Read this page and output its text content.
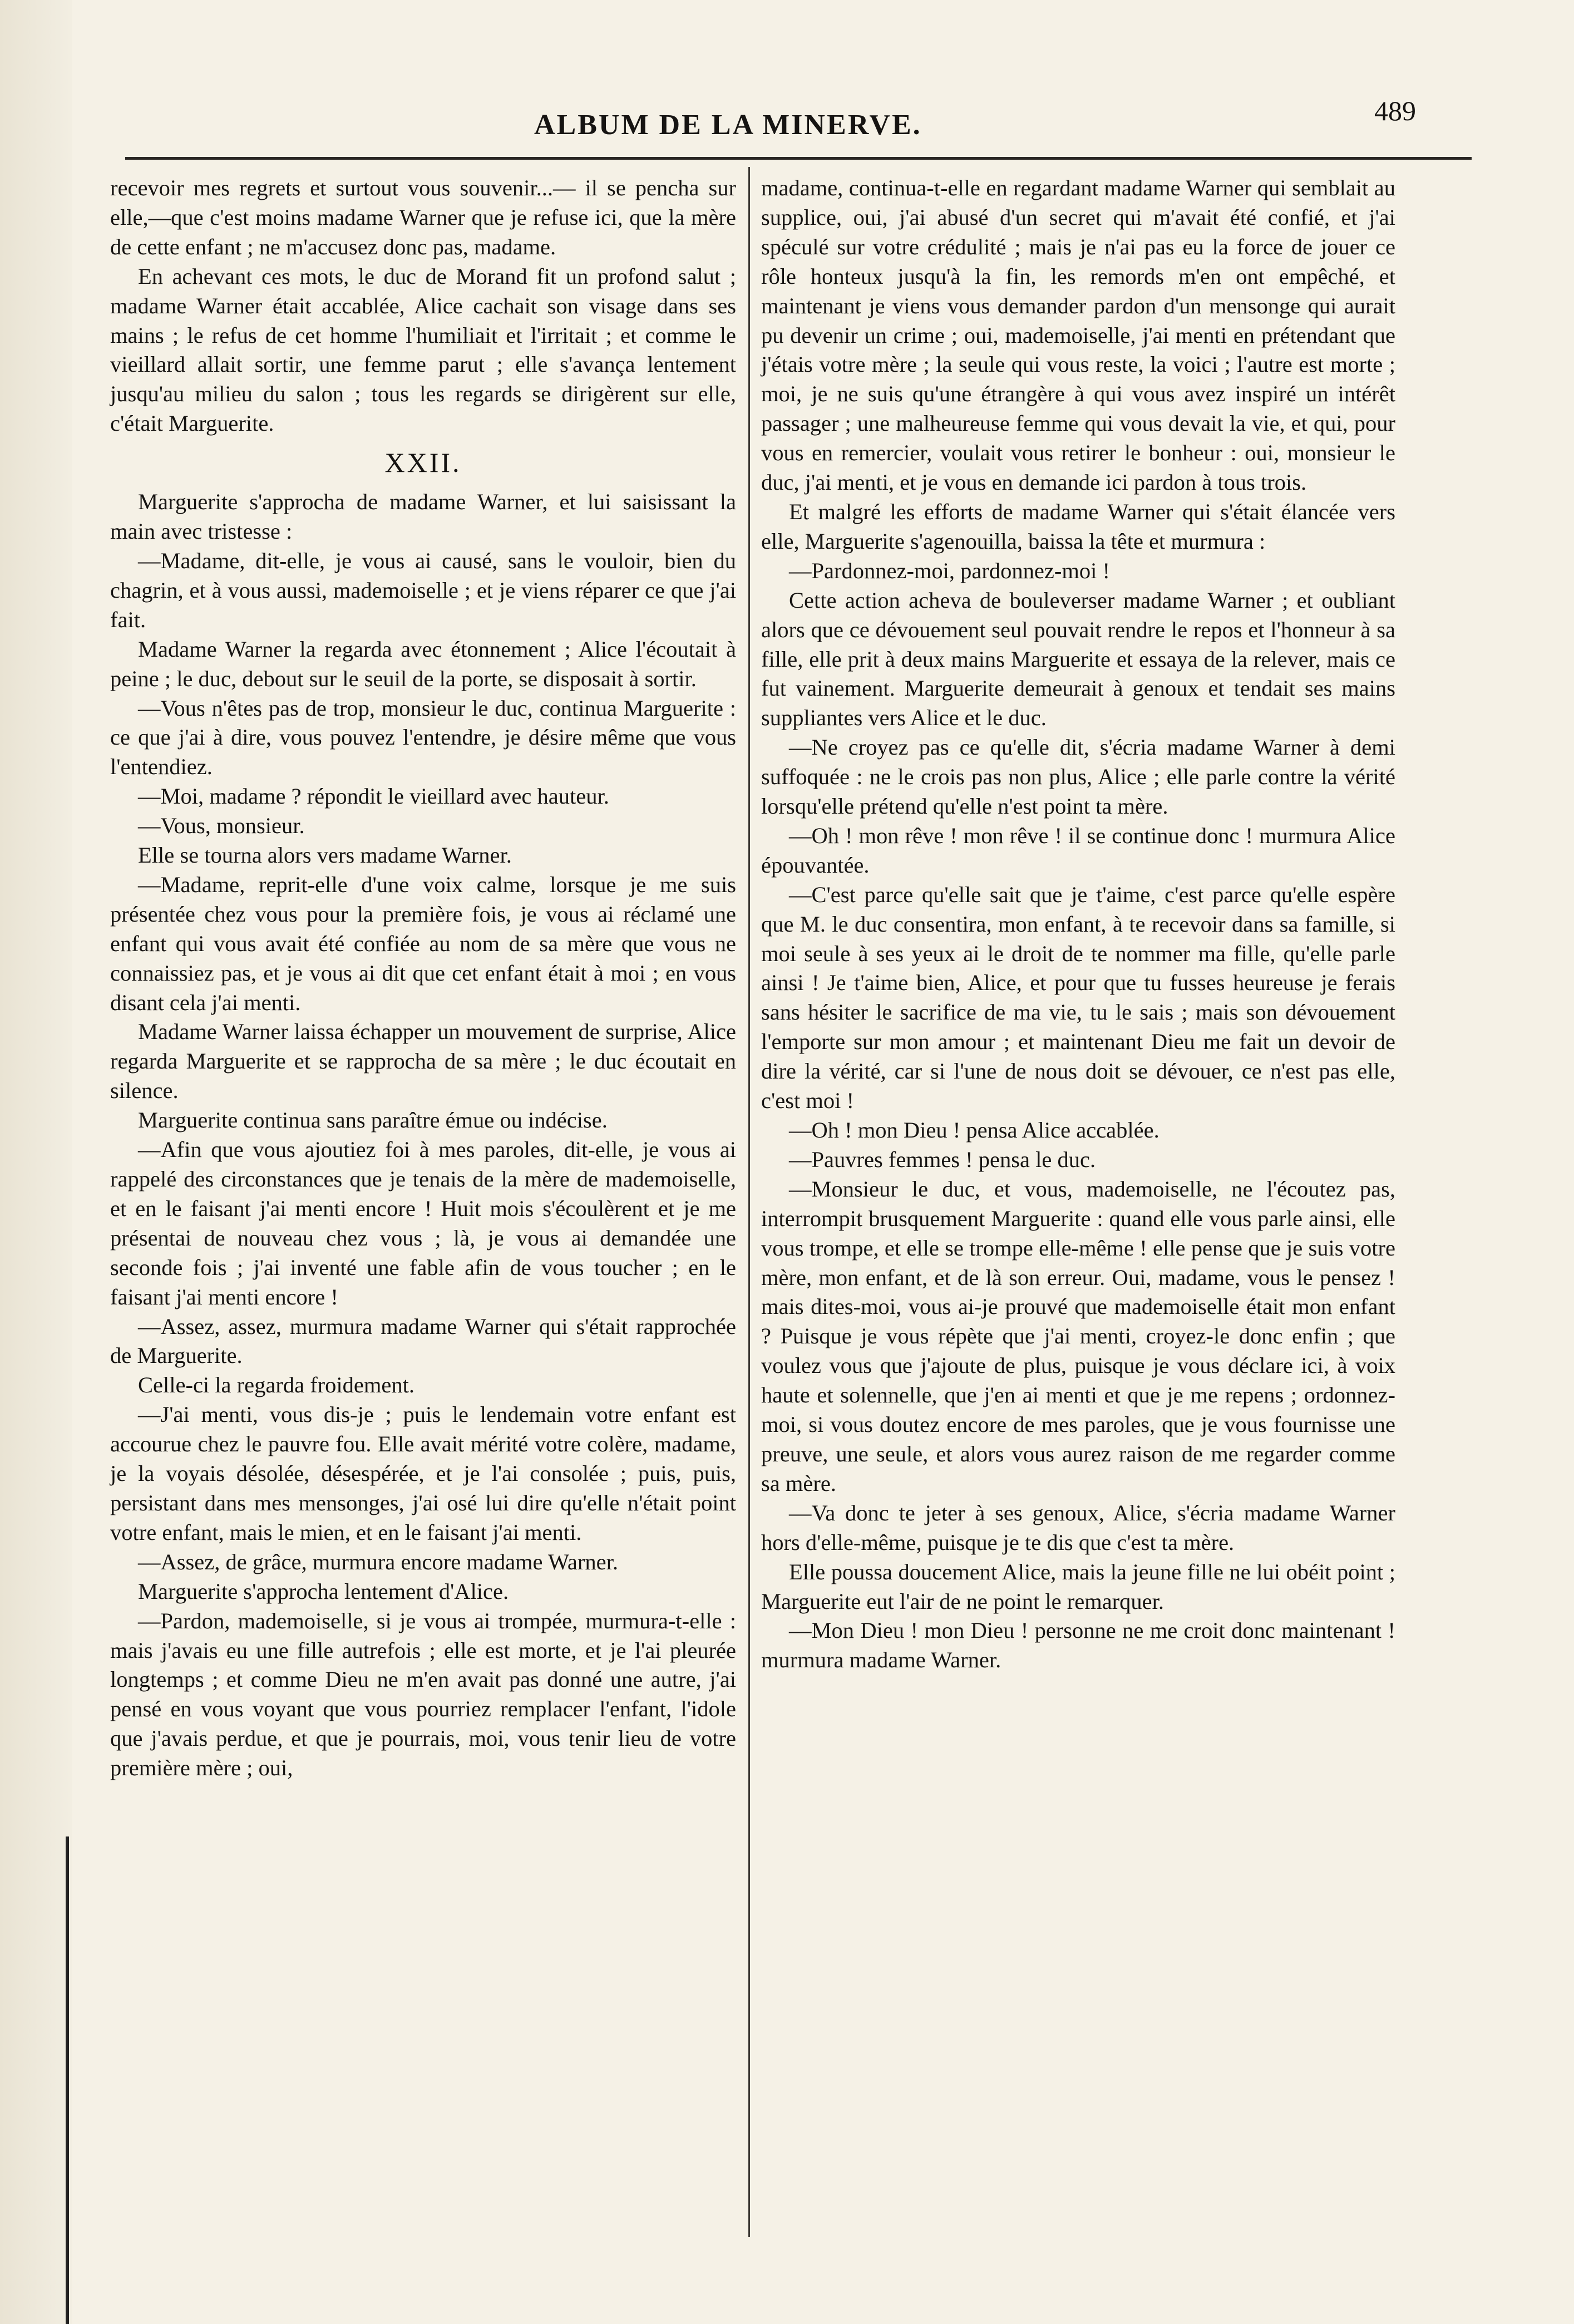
ALBUM DE LA MINERVE.	489

recevoir mes regrets et surtout vous souvenir...— il se pencha sur elle,—que c'est moins madame Warner que je refuse ici, que la mère de cette enfant ; ne m'accusez donc pas, madame.

En achevant ces mots, le duc de Morand fit un profond salut ; madame Warner était accablée, Alice cachait son visage dans ses mains ; le refus de cet homme l'humiliait et l'irritait ; et comme le vieillard allait sortir, une femme parut ; elle s'avança lentement jusqu'au milieu du salon ; tous les regards se dirigèrent sur elle, c'était Marguerite.

XXII.

Marguerite s'approcha de madame Warner, et lui saisissant la main avec tristesse :

—Madame, dit-elle, je vous ai causé, sans le vouloir, bien du chagrin, et à vous aussi, mademoiselle ; et je viens réparer ce que j'ai fait.

Madame Warner la regarda avec étonnement ; Alice l'écoutait à peine ; le duc, debout sur le seuil de la porte, se disposait à sortir.

—Vous n'êtes pas de trop, monsieur le duc, continua Marguerite : ce que j'ai à dire, vous pouvez l'entendre, je désire même que vous l'entendiez.

—Moi, madame ? répondit le vieillard avec hauteur.

—Vous, monsieur.

Elle se tourna alors vers madame Warner.

—Madame, reprit-elle d'une voix calme, lorsque je me suis présentée chez vous pour la première fois, je vous ai réclamé une enfant qui vous avait été confiée au nom de sa mère que vous ne connaissiez pas, et je vous ai dit que cet enfant était à moi ; en vous disant cela j'ai menti.

Madame Warner laissa échapper un mouvement de surprise, Alice regarda Marguerite et se rapprocha de sa mère ; le duc écoutait en silence.

Marguerite continua sans paraître émue ou indécise.

—Afin que vous ajoutiez foi à mes paroles, dit-elle, je vous ai rappelé des circonstances que je tenais de la mère de mademoiselle, et en le faisant j'ai menti encore ! Huit mois s'écoulèrent et je me présentai de nouveau chez vous ; là, je vous ai demandée une seconde fois ; j'ai inventé une fable afin de vous toucher ; en le faisant j'ai menti encore !

—Assez, assez, murmura madame Warner qui s'était rapprochée de Marguerite.

Celle-ci la regarda froidement.

—J'ai menti, vous dis-je ; puis le lendemain votre enfant est accourue chez le pauvre fou. Elle avait mérité votre colère, madame, je la voyais désolée, désespérée, et je l'ai consolée ; puis, puis, persistant dans mes mensonges, j'ai osé lui dire qu'elle n'était point votre enfant, mais le mien, et en le faisant j'ai menti.

—Assez, de grâce, murmura encore madame Warner.

Marguerite s'approcha lentement d'Alice.

—Pardon, mademoiselle, si je vous ai trompée, murmura-t-elle : mais j'avais eu une fille autrefois ; elle est morte, et je l'ai pleurée longtemps ; et comme Dieu ne m'en avait pas donné une autre, j'ai pensé en vous voyant que vous pourriez remplacer l'enfant, l'idole que j'avais perdue, et que je pourrais, moi, vous tenir lieu de votre première mère ; oui,

madame, continua-t-elle en regardant madame Warner qui semblait au supplice, oui, j'ai abusé d'un secret qui m'avait été confié, et j'ai spéculé sur votre crédulité ; mais je n'ai pas eu la force de jouer ce rôle honteux jusqu'à la fin, les remords m'en ont empêché, et maintenant je viens vous demander pardon d'un mensonge qui aurait pu devenir un crime ; oui, mademoiselle, j'ai menti en prétendant que j'étais votre mère ; la seule qui vous reste, la voici ; l'autre est morte ; moi, je ne suis qu'une étrangère à qui vous avez inspiré un intérêt passager ; une malheureuse femme qui vous devait la vie, et qui, pour vous en remercier, voulait vous retirer le bonheur : oui, monsieur le duc, j'ai menti, et je vous en demande ici pardon à tous trois.

Et malgré les efforts de madame Warner qui s'était élancée vers elle, Marguerite s'agenouilla, baissa la tête et murmura :

—Pardonnez-moi, pardonnez-moi !

Cette action acheva de bouleverser madame Warner ; et oubliant alors que ce dévouement seul pouvait rendre le repos et l'honneur à sa fille, elle prit à deux mains Marguerite et essaya de la relever, mais ce fut vainement. Marguerite demeurait à genoux et tendait ses mains suppliantes vers Alice et le duc.

—Ne croyez pas ce qu'elle dit, s'écria madame Warner à demi suffoquée : ne le crois pas non plus, Alice ; elle parle contre la vérité lorsqu'elle prétend qu'elle n'est point ta mère.

—Oh ! mon rêve ! mon rêve ! il se continue donc ! murmura Alice épouvantée.

—C'est parce qu'elle sait que je t'aime, c'est parce qu'elle espère que M. le duc consentira, mon enfant, à te recevoir dans sa famille, si moi seule à ses yeux ai le droit de te nommer ma fille, qu'elle parle ainsi ! Je t'aime bien, Alice, et pour que tu fusses heureuse je ferais sans hésiter le sacrifice de ma vie, tu le sais ; mais son dévouement l'emporte sur mon amour ; et maintenant Dieu me fait un devoir de dire la vérité, car si l'une de nous doit se dévouer, ce n'est pas elle, c'est moi !

—Oh ! mon Dieu ! pensa Alice accablée.

—Pauvres femmes ! pensa le duc.

—Monsieur le duc, et vous, mademoiselle, ne l'écoutez pas, interrompit brusquement Marguerite : quand elle vous parle ainsi, elle vous trompe, et elle se trompe elle-même ! elle pense que je suis votre mère, mon enfant, et de là son erreur. Oui, madame, vous le pensez ! mais dites-moi, vous ai-je prouvé que mademoiselle était mon enfant ? Puisque je vous répète que j'ai menti, croyez-le donc enfin ; que voulez vous que j'ajoute de plus, puisque je vous déclare ici, à voix haute et solennelle, que j'en ai menti et que je me repens ; ordonnez-moi, si vous doutez encore de mes paroles, que je vous fournisse une preuve, une seule, et alors vous aurez raison de me regarder comme sa mère.

—Va donc te jeter à ses genoux, Alice, s'écria madame Warner hors d'elle-même, puisque je te dis que c'est ta mère.

Elle poussa doucement Alice, mais la jeune fille ne lui obéit point ; Marguerite eut l'air de ne point le remarquer.

—Mon Dieu ! mon Dieu ! personne ne me croit donc maintenant ! murmura madame Warner.
